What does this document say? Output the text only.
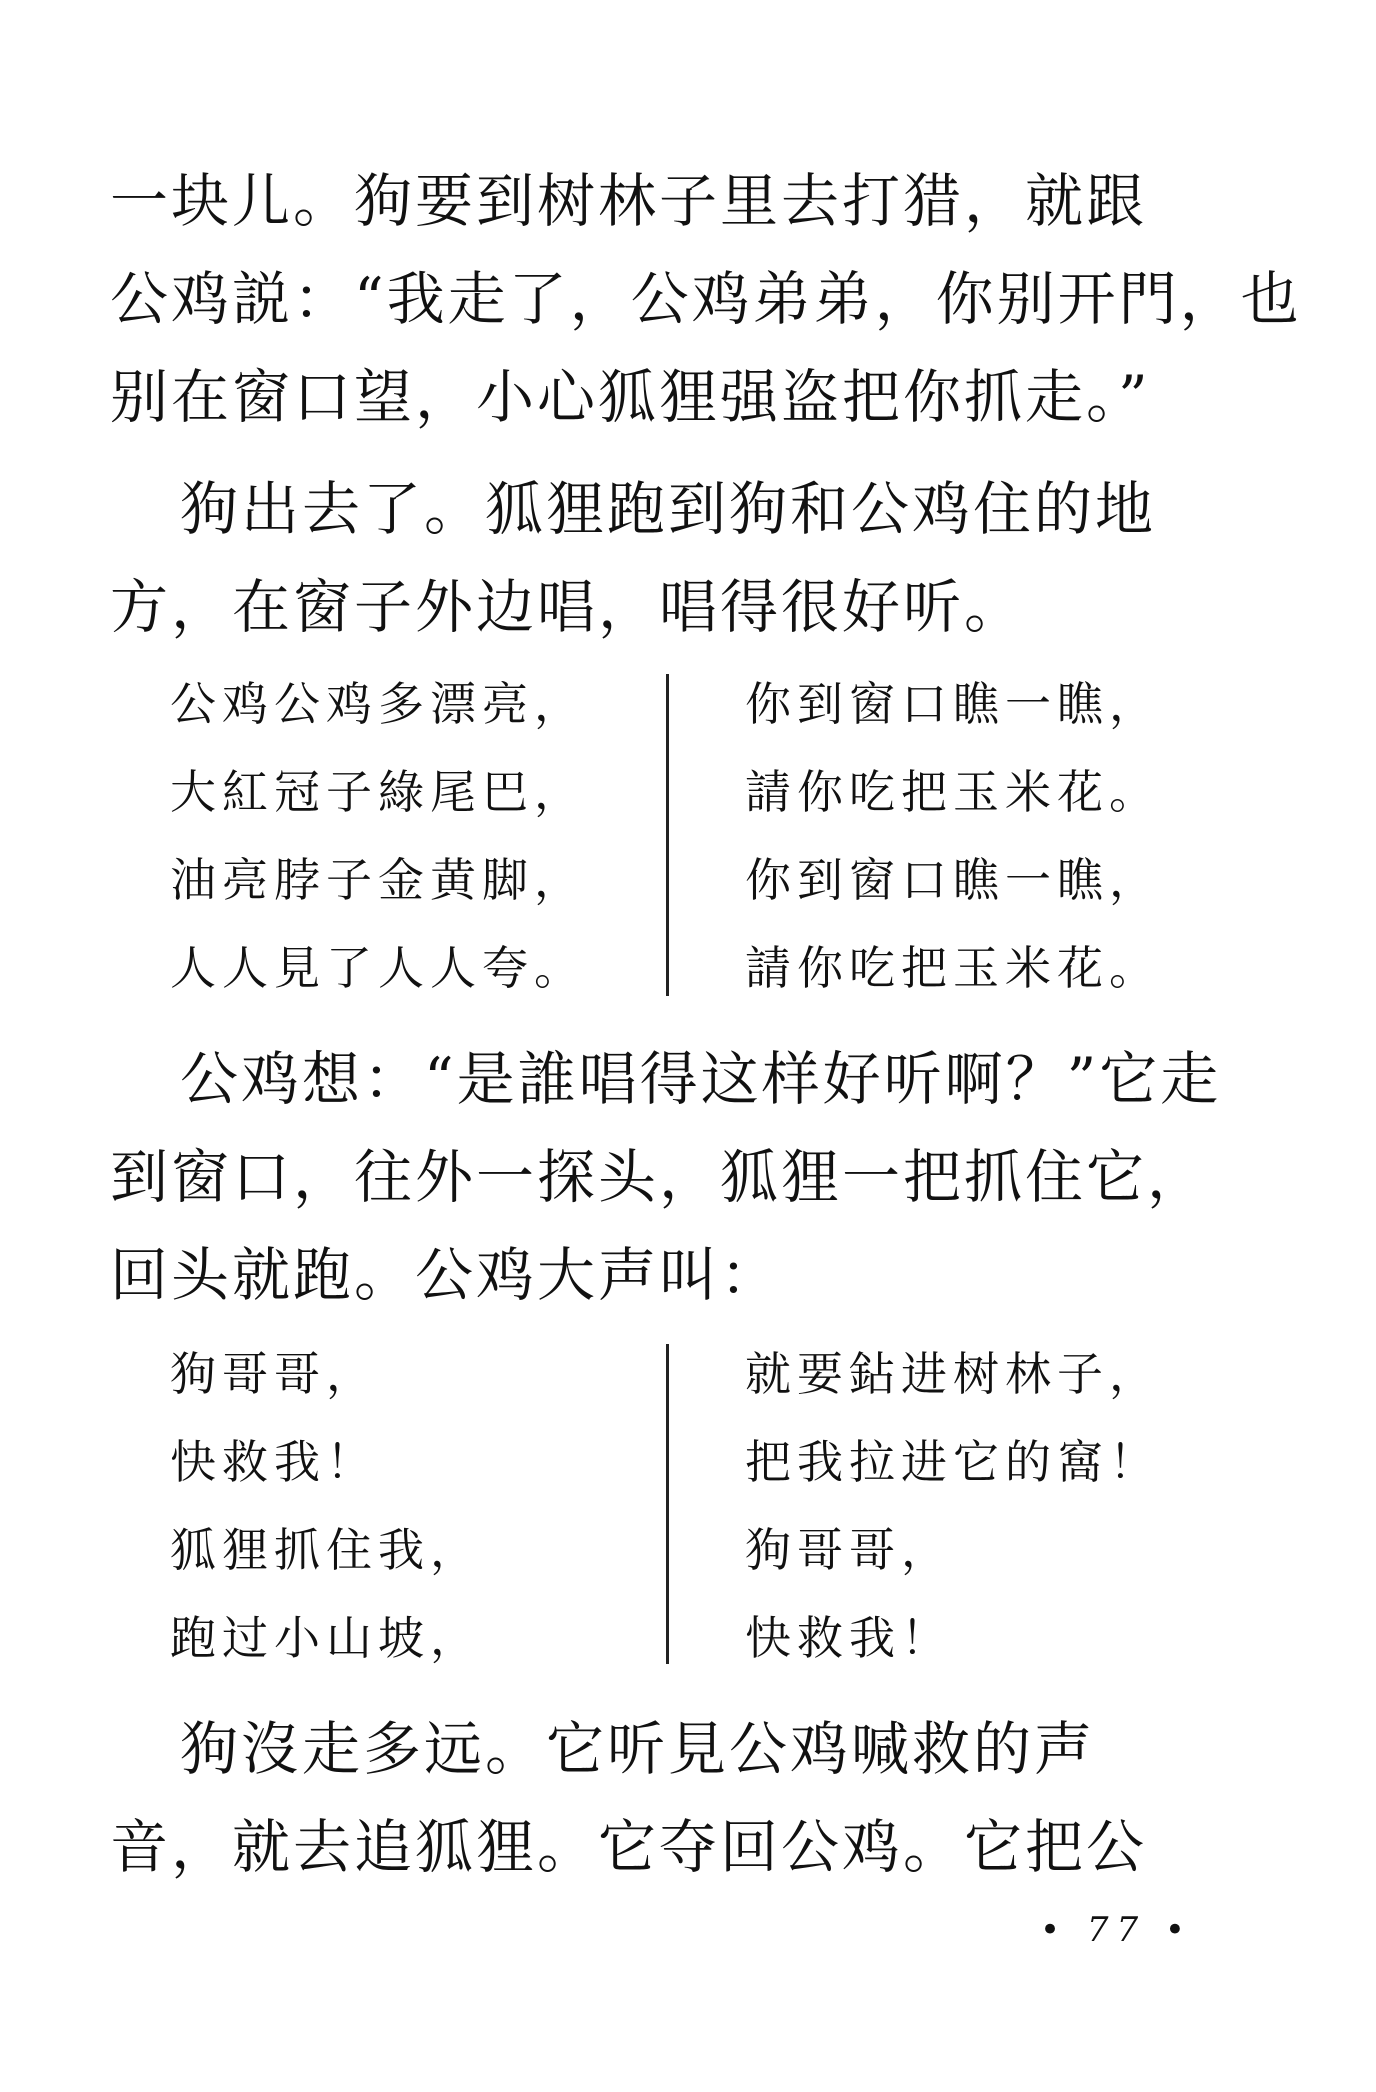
一块儿。狗要到树林子里去打猎，就跟

公鸡説：“我走了，公鸡弟弟，你别开門，也

别在窗口望，小心狐狸强盗把你抓走。”

狗出去了。狐狸跑到狗和公鸡住的地

方，在窗子外边唱，唱得很好听。

公鸡公鸡多漂亮，
大紅冠子綠尾巴，
油亮脖子金黄脚，
人人見了人人夸。
你到窗口瞧一瞧，
請你吃把玉米花。
你到窗口瞧一瞧，
請你吃把玉米花。

公鸡想：“是誰唱得这样好听啊？”它走

到窗口，往外一探头，狐狸一把抓住它，

回头就跑。公鸡大声叫：

狗哥哥，
快救我！
狐狸抓住我，
跑过小山坡，
就要鉆进树林子，
把我拉进它的窩！
狗哥哥，
快救我！

狗沒走多远。它听見公鸡喊救的声

音，就去追狐狸。它夺回公鸡。它把公

• 77 •
